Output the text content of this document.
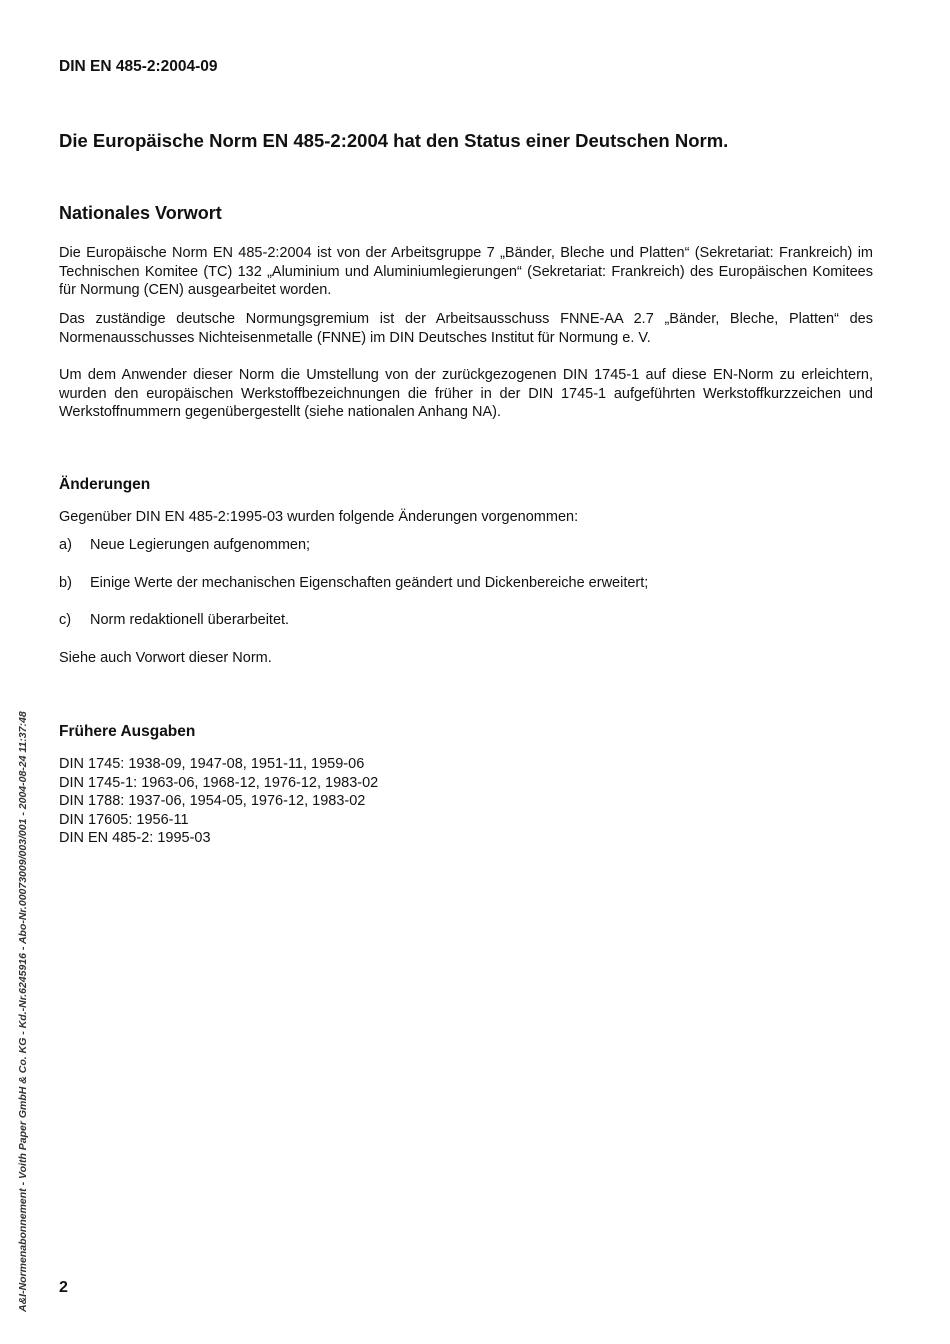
DIN EN 485-2:2004-09
Die Europäische Norm EN 485-2:2004 hat den Status einer Deutschen Norm.
Nationales Vorwort
Die Europäische Norm EN 485-2:2004 ist von der Arbeitsgruppe 7 „Bänder, Bleche und Platten“ (Sekretariat: Frankreich) im Technischen Komitee (TC) 132 „Aluminium und Aluminiumlegierungen“ (Sekretariat: Frankreich) des Europäischen Komitees für Normung (CEN) ausgearbeitet worden.
Das zuständige deutsche Normungsgremium ist der Arbeitsausschuss FNNE-AA 2.7 „Bänder, Bleche, Platten“ des Normenausschusses Nichteisenmetalle (FNNE) im DIN Deutsches Institut für Normung e. V.
Um dem Anwender dieser Norm die Umstellung von der zurückgezogenen DIN 1745-1 auf diese EN-Norm zu erleichtern, wurden den europäischen Werkstoffbezeichnungen die früher in der DIN 1745-1 aufgeführten Werkstoffkurzzeichen und Werkstoffnummern gegenübergestellt (siehe nationalen Anhang NA).
Änderungen
Gegenüber DIN EN 485-2:1995-03 wurden folgende Änderungen vorgenommen:
a) Neue Legierungen aufgenommen;
b) Einige Werte der mechanischen Eigenschaften geändert und Dickenbereiche erweitert;
c) Norm redaktionell überarbeitet.
Siehe auch Vorwort dieser Norm.
Frühere Ausgaben
DIN 1745: 1938-09, 1947-08, 1951-11, 1959-06
DIN 1745-1: 1963-06, 1968-12, 1976-12, 1983-02
DIN 1788: 1937-06, 1954-05, 1976-12, 1983-02
DIN 17605: 1956-11
DIN EN 485-2: 1995-03
A&I-Normenabonnement - Voith Paper GmbH & Co. KG - Kd.-Nr.6245916 - Abo-Nr.00073009/003/001 - 2004-08-24 11:37:48 2
